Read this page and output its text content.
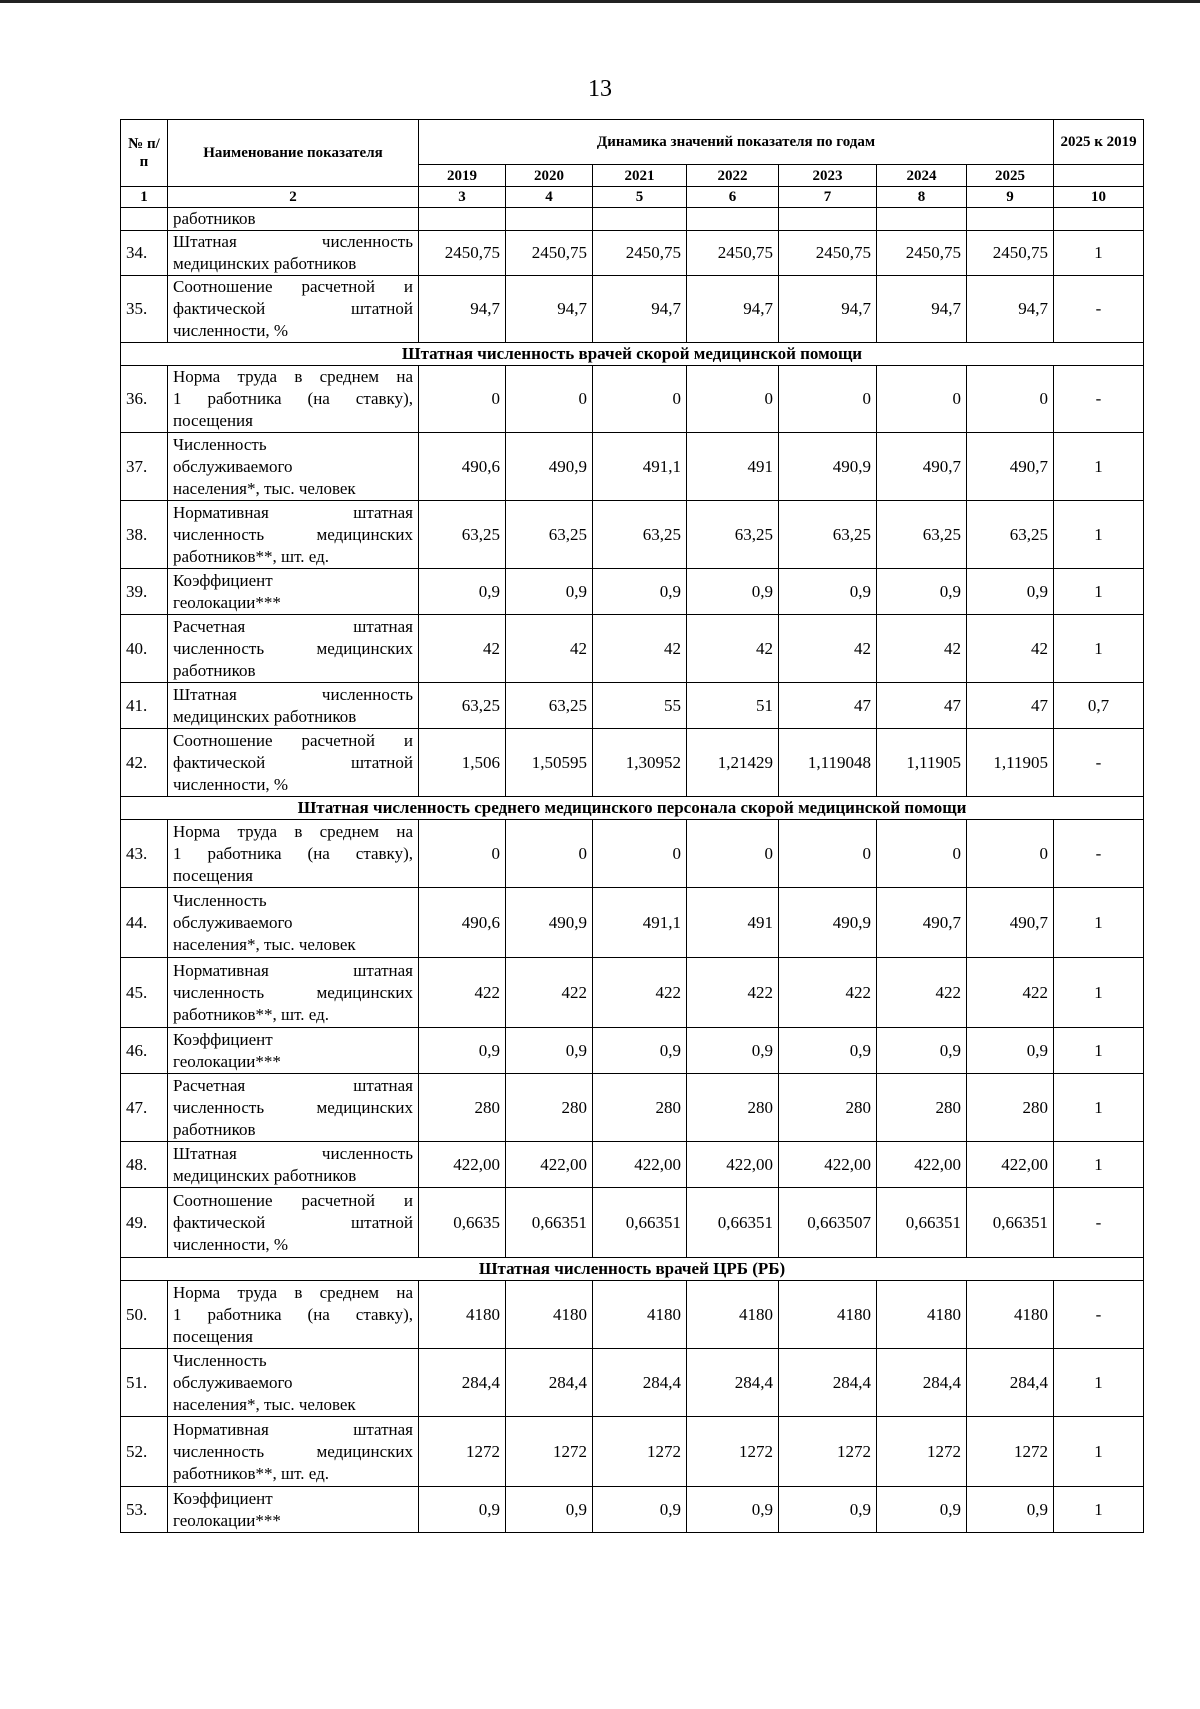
13
№ п/п	Наименование показателя	Динамика значений показателя по годам							2025 к 2019
		2019	2020	2021	2022	2023	2024	2025	
1	2	3	4	5	6	7	8	9	10

	работников								

34.	Штатная численность
медицинских работников	2450,75	2450,75	2450,75	2450,75	2450,75	2450,75	2450,75	1
35.	Соотношение расчетной и
фактической штатной
численности, %	94,7	94,7	94,7	94,7	94,7	94,7	94,7	-
Штатная численность врачей скорой медицинской помощи									
36.	Норма труда в среднем на
1 работника (на ставку),
посещения	0	0	0	0	0	0	0	-
37.	Численность
обслуживаемого
населения*, тыс. человек	490,6	490,9	491,1	491	490,9	490,7	490,7	1
38.	Нормативная штатная
численность медицинских
работников**, шт. ед.	63,25	63,25	63,25	63,25	63,25	63,25	63,25	1
39.	Коэффициент
геолокации***	0,9	0,9	0,9	0,9	0,9	0,9	0,9	1
40.	Расчетная штатная
численность медицинских
работников	42	42	42	42	42	42	42	1
41.	Штатная численность
медицинских работников	63,25	63,25	55	51	47	47	47	0,7
42.	Соотношение расчетной и
фактической штатной
численности, %	1,506	1,50595	1,30952	1,21429	1,119048	1,11905	1,11905	-
Штатная численность среднего медицинского персонала скорой медицинской помощи									
43.	Норма труда в среднем на
1 работника (на ставку),
посещения	0	0	0	0	0	0	0	-
44.	Численность
обслуживаемого
населения*, тыс. человек	490,6	490,9	491,1	491	490,9	490,7	490,7	1
45.	Нормативная штатная
численность медицинских
работников**, шт. ед.	422	422	422	422	422	422	422	1
46.	Коэффициент
геолокации***	0,9	0,9	0,9	0,9	0,9	0,9	0,9	1
47.	Расчетная штатная
численность медицинских
работников	280	280	280	280	280	280	280	1
48.	Штатная численность
медицинских работников	422,00	422,00	422,00	422,00	422,00	422,00	422,00	1
49.	Соотношение расчетной и
фактической штатной
численности, %	0,6635	0,66351	0,66351	0,66351	0,663507	0,66351	0,66351	-
Штатная численность врачей ЦРБ (РБ)									
50.	Норма труда в среднем на
1 работника (на ставку),
посещения	4180	4180	4180	4180	4180	4180	4180	-
51.	Численность
обслуживаемого
населения*, тыс. человек	284,4	284,4	284,4	284,4	284,4	284,4	284,4	1
52.	Нормативная штатная
численность медицинских
работников**, шт. ед.	1272	1272	1272	1272	1272	1272	1272	1
53.	Коэффициент
геолокации***	0,9	0,9	0,9	0,9	0,9	0,9	0,9	1
